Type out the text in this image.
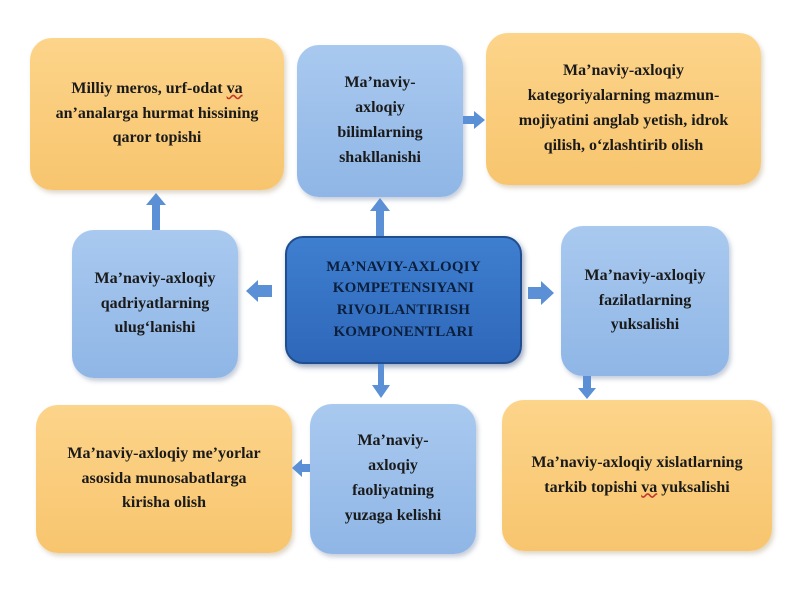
Milliy meros, urf-odat va
an’analarga hurmat hissining
qaror topishi
Ma’naviy-axloqiy
kategoriyalarning mazmun-
mojiyatini anglab yetish, idrok
qilish, o‘zlashtirib olish
Ma’naviy-axloqiy me’yorlar
asosida munosabatlarga
kirisha olish
Ma’naviy-axloqiy xislatlarning
tarkib topishi va yuksalishi
Ma’naviy-
axloqiy
bilimlarning
shakllanishi
Ma’naviy-axloqiy
qadriyatlarning
ulug‘lanishi
Ma’naviy-axloqiy
fazilatlarning
yuksalishi
Ma’naviy-
axloqiy
faoliyatning
yuzaga kelishi
MA’NAVIY-AXLOQIY
KOMPETENSIYANI
RIVOJLANTIRISH
KOMPONENTLARI
